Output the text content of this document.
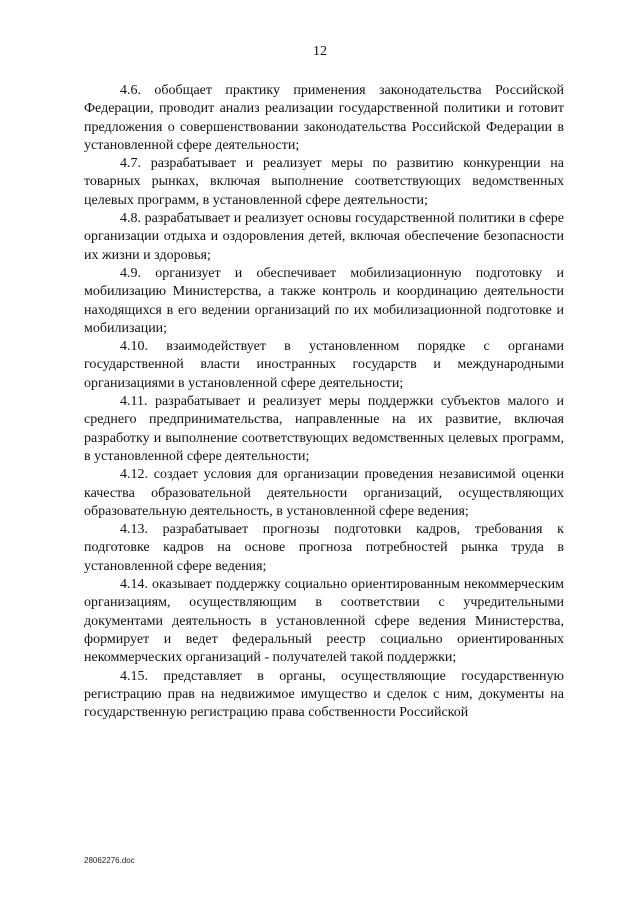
12

4.6. обобщает практику применения законодательства Российской Федерации, проводит анализ реализации государственной политики и готовит предложения о совершенствовании законодательства Российской Федерации в установленной сфере деятельности;

4.7. разрабатывает и реализует меры по развитию конкуренции на товарных рынках, включая выполнение соответствующих ведомственных целевых программ, в установленной сфере деятельности;

4.8. разрабатывает и реализует основы государственной политики в сфере организации отдыха и оздоровления детей, включая обеспечение безопасности их жизни и здоровья;

4.9. организует и обеспечивает мобилизационную подготовку и мобилизацию Министерства, а также контроль и координацию деятельности находящихся в его ведении организаций по их мобилизационной подготовке и мобилизации;

4.10. взаимодействует в установленном порядке с органами государственной власти иностранных государств и международными организациями в установленной сфере деятельности;

4.11. разрабатывает и реализует меры поддержки субъектов малого и среднего предпринимательства, направленные на их развитие, включая разработку и выполнение соответствующих ведомственных целевых программ, в установленной сфере деятельности;

4.12. создает условия для организации проведения независимой оценки качества образовательной деятельности организаций, осуществляющих образовательную деятельность, в установленной сфере ведения;

4.13. разрабатывает прогнозы подготовки кадров, требования к подготовке кадров на основе прогноза потребностей рынка труда в установленной сфере ведения;

4.14. оказывает поддержку социально ориентированным некоммерческим организациям, осуществляющим в соответствии с учредительными документами деятельность в установленной сфере ведения Министерства, формирует и ведет федеральный реестр социально ориентированных некоммерческих организаций - получателей такой поддержки;

4.15. представляет в органы, осуществляющие государственную регистрацию прав на недвижимое имущество и сделок с ним, документы на государственную регистрацию права собственности Российской

28062276.doc
